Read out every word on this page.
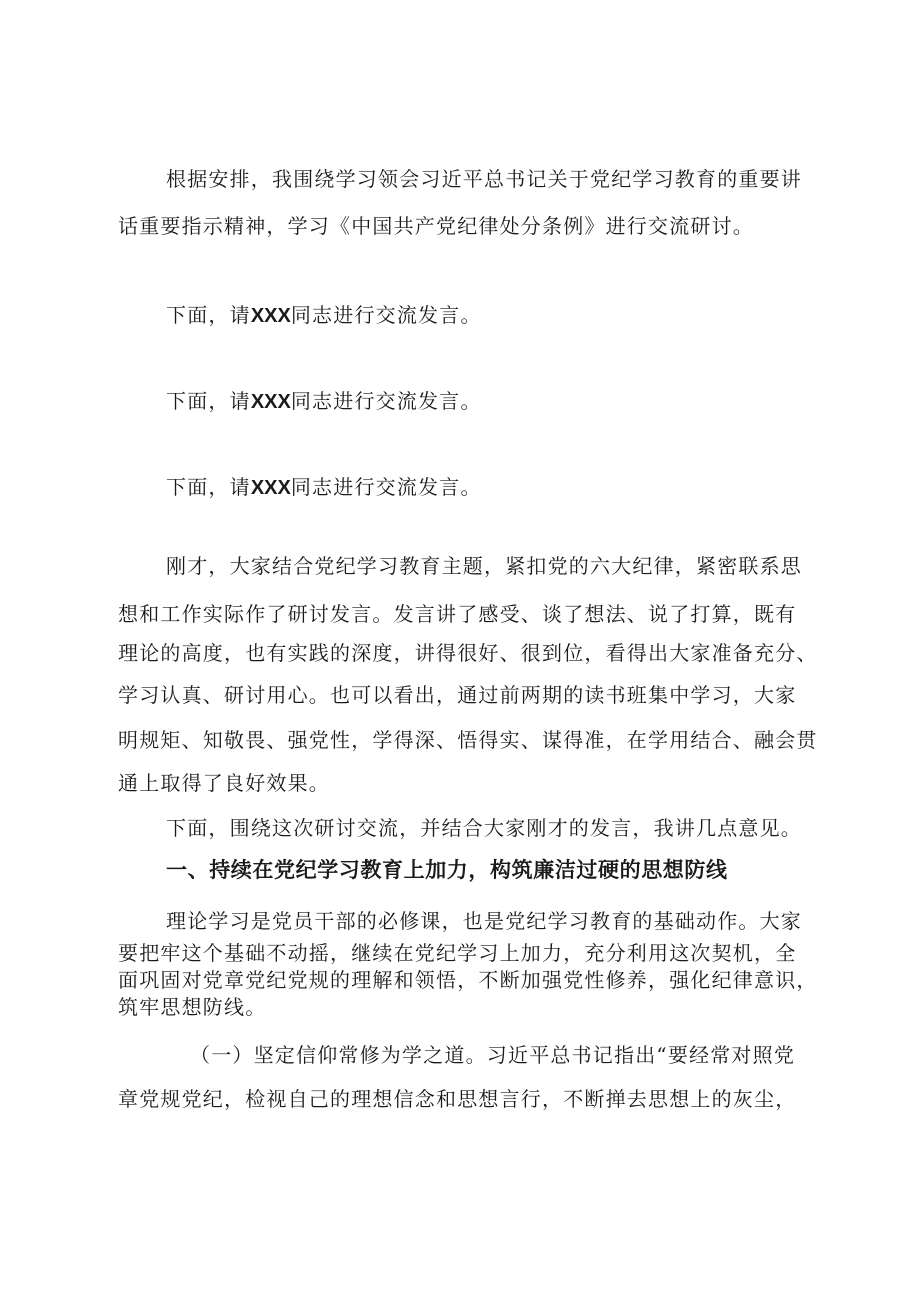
根据安排，我围绕学习领会习近平总书记关于党纪学习教育的重要讲
话重要指示精神，学习《中国共产党纪律处分条例》进行交流研讨。
下面，请XXX同志进行交流发言。
下面，请XXX同志进行交流发言。
下面，请XXX同志进行交流发言。
刚才，大家结合党纪学习教育主题，紧扣党的六大纪律，紧密联系思
想和工作实际作了研讨发言。发言讲了感受、谈了想法、说了打算，既有
理论的高度，也有实践的深度，讲得很好、很到位，看得出大家准备充分、
学习认真、研讨用心。也可以看出，通过前两期的读书班集中学习，大家
明规矩、知敬畏、强党性，学得深、悟得实、谋得准，在学用结合、融会贯
通上取得了良好效果。
下面，围绕这次研讨交流，并结合大家刚才的发言，我讲几点意见。
一、持续在党纪学习教育上加力，构筑廉洁过硬的思想防线
理论学习是党员干部的必修课，也是党纪学习教育的基础动作。大家
要把牢这个基础不动摇，继续在党纪学习上加力，充分利用这次契机，全
面巩固对党章党纪党规的理解和领悟，不断加强党性修养，强化纪律意识，
筑牢思想防线。
（一）坚定信仰常修为学之道。习近平总书记指出“要经常对照党
章党规党纪，检视自己的理想信念和思想言行，不断掸去思想上的灰尘，
